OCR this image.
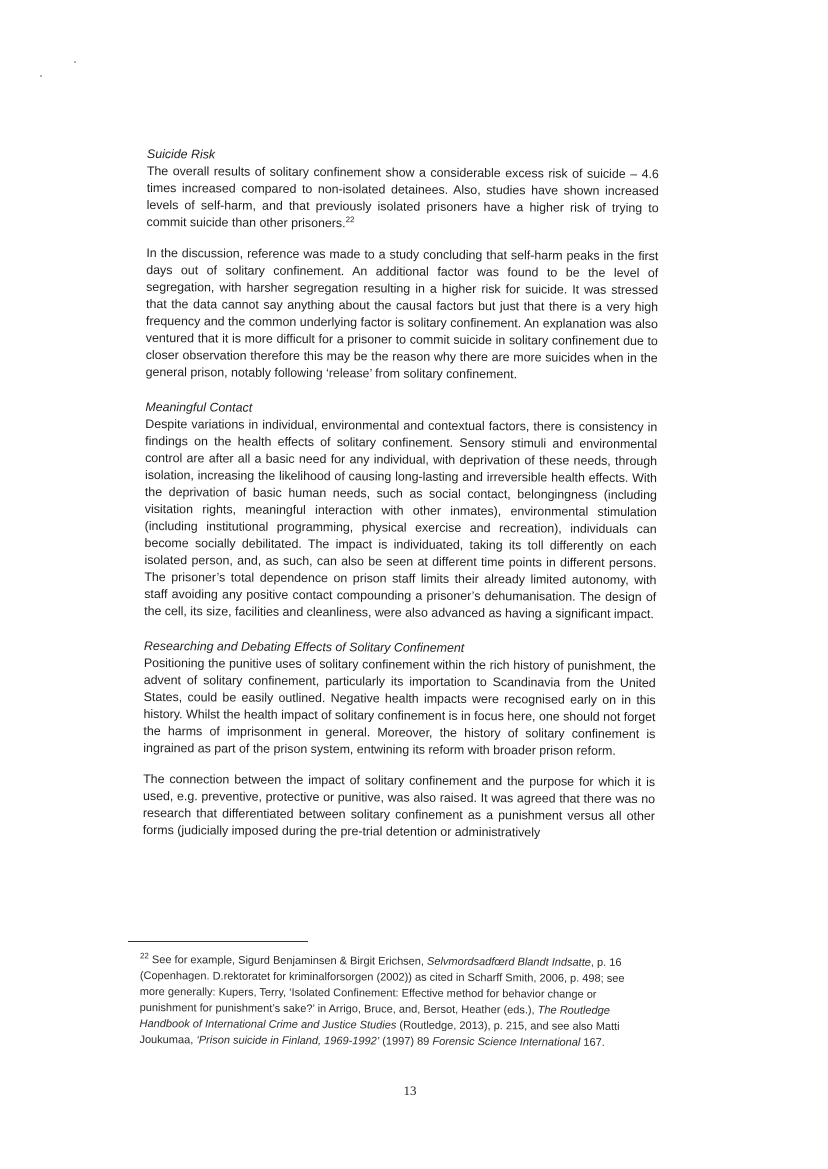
Suicide Risk

The overall results of solitary confinement show a considerable excess risk of suicide – 4.6 times increased compared to non-isolated detainees. Also, studies have shown increased levels of self-harm, and that previously isolated prisoners have a higher risk of trying to commit suicide than other prisoners.$^{22}$

In the discussion, reference was made to a study concluding that self-harm peaks in the first days out of solitary confinement. An additional factor was found to be the level of segregation, with harsher segregation resulting in a higher risk for suicide. It was stressed that the data cannot say anything about the causal factors but just that there is a very high frequency and the common underlying factor is solitary confinement. An explanation was also ventured that it is more difficult for a prisoner to commit suicide in solitary confinement due to closer observation therefore this may be the reason why there are more suicides when in the general prison, notably following ‘release’ from solitary confinement.

Meaningful Contact

Despite variations in individual, environmental and contextual factors, there is consistency in findings on the health effects of solitary confinement. Sensory stimuli and environmental control are after all a basic need for any individual, with deprivation of these needs, through isolation, increasing the likelihood of causing long-lasting and irreversible health effects. With the deprivation of basic human needs, such as social contact, belongingness (including visitation rights, meaningful interaction with other inmates), environmental stimulation (including institutional programming, physical exercise and recreation), individuals can become socially debilitated. The impact is individuated, taking its toll differently on each isolated person, and, as such, can also be seen at different time points in different persons. The prisoner’s total dependence on prison staff limits their already limited autonomy, with staff avoiding any positive contact compounding a prisoner’s dehumanisation. The design of the cell, its size, facilities and cleanliness, were also advanced as having a significant impact.

Researching and Debating Effects of Solitary Confinement

Positioning the punitive uses of solitary confinement within the rich history of punishment, the advent of solitary confinement, particularly its importation to Scandinavia from the United States, could be easily outlined. Negative health impacts were recognised early on in this history. Whilst the health impact of solitary confinement is in focus here, one should not forget the harms of imprisonment in general. Moreover, the history of solitary confinement is ingrained as part of the prison system, entwining its reform with broader prison reform.

The connection between the impact of solitary confinement and the purpose for which it is used, e.g. preventive, protective or punitive, was also raised. It was agreed that there was no research that differentiated between solitary confinement as a punishment versus all other forms (judicially imposed during the pre-trial detention or administratively

$^{22}$ See for example, Sigurd Benjaminsen & Birgit Erichsen, Selvmordsadfœrd Blandt Indsatte, p. 16 (Copenhagen. D.rektoratet for kriminalforsorgen (2002)) as cited in Scharff Smith, 2006, p. 498; see more generally: Kupers, Terry, ‘Isolated Confinement: Effective method for behavior change or punishment for punishment’s sake?’ in Arrigo, Bruce, and, Bersot, Heather (eds.), The Routledge Handbook of International Crime and Justice Studies (Routledge, 2013), p. 215, and see also Matti Joukumaa, ‘Prison suicide in Finland, 1969-1992’ (1997) 89 Forensic Science International 167.
13
